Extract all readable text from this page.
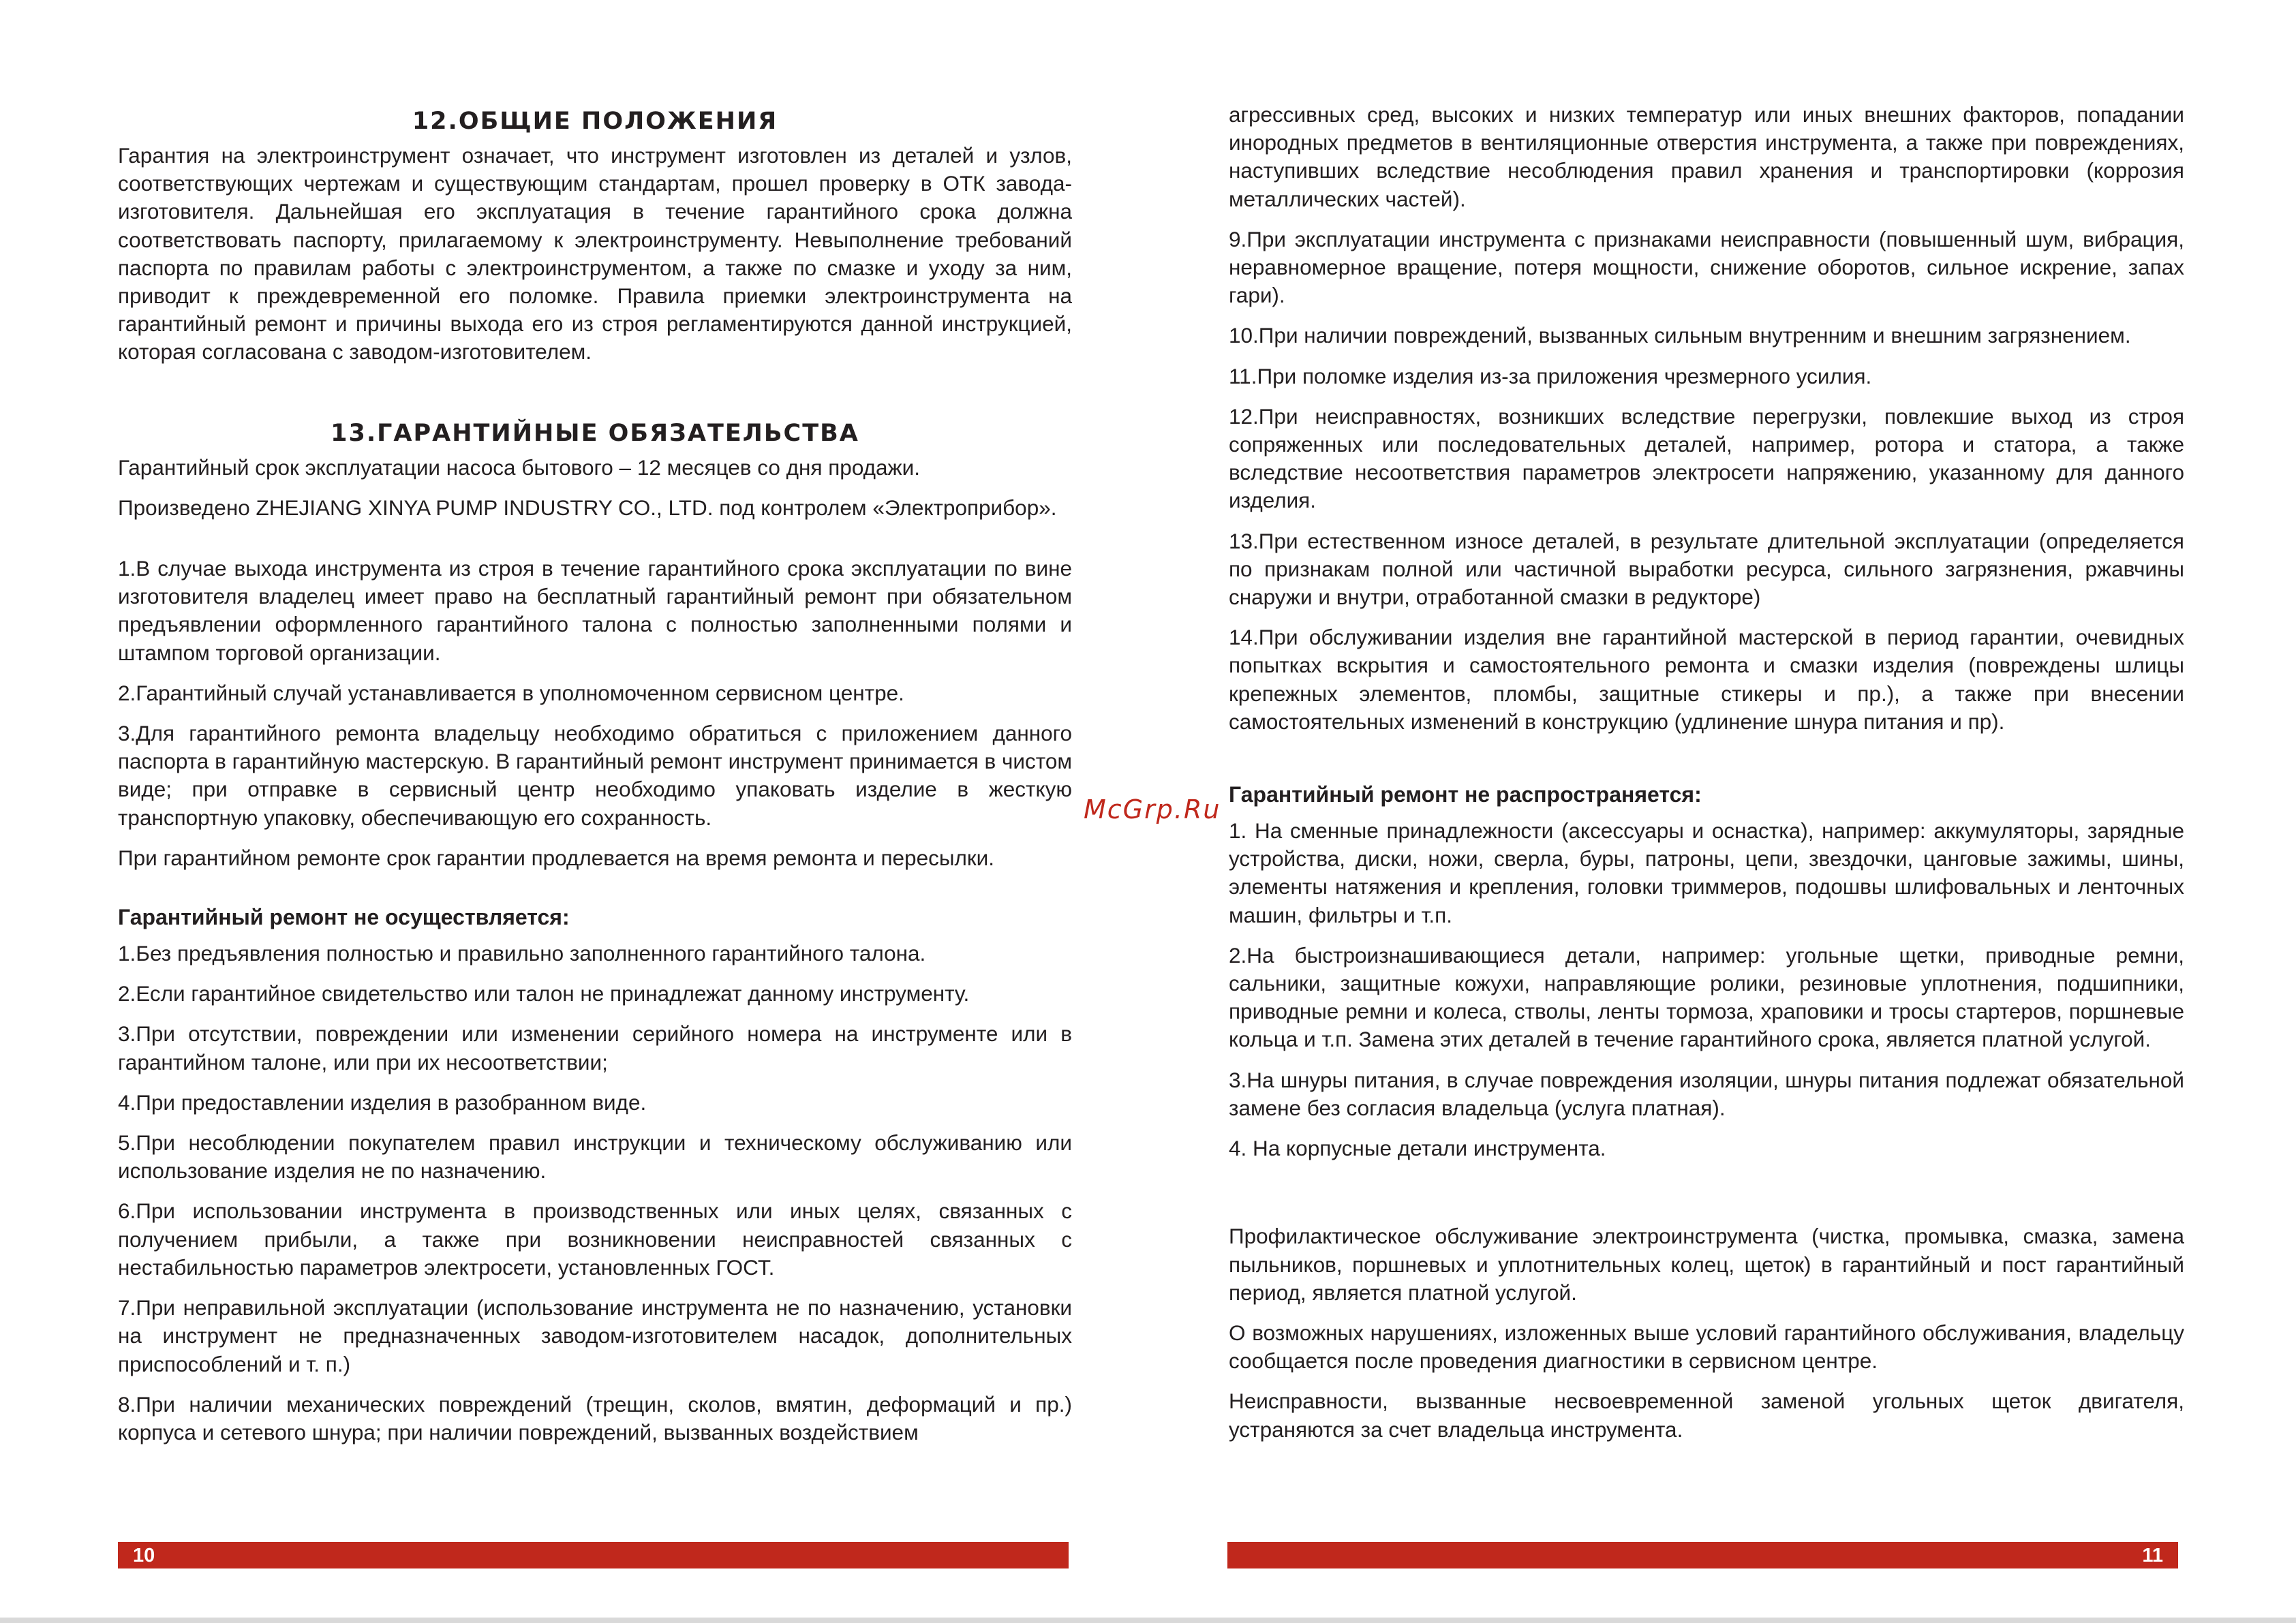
12.ОБЩИЕ ПОЛОЖЕНИЯ

Гарантия на электроинструмент означает, что инструмент изготовлен из деталей и узлов, соответствующих чертежам и существующим стандартам, прошел проверку в ОТК завода-изготовителя. Дальнейшая его эксплуатация в течение гарантийного срока должна соответствовать паспорту, прилагаемому к электроинструменту. Невыполнение требований паспорта по правилам работы с электроинструментом, а также по смазке и уходу за ним, приводит к преждевременной его поломке. Правила приемки электроинструмента на гарантийный ремонт и причины выхода его из строя регламентируются данной инструкцией, которая согласована с заводом-изготовителем.

13.ГАРАНТИЙНЫЕ ОБЯЗАТЕЛЬСТВА

Гарантийный срок эксплуатации насоса бытового – 12 месяцев со дня продажи.

Произведено ZHEJIANG XINYA PUMP INDUSTRY CO., LTD. под контролем «Электроприбор».

1.В случае выхода инструмента из строя в течение гарантийного срока эксплуатации по вине изготовителя владелец имеет право на бесплатный гарантийный ремонт при обязательном предъявлении оформленного гарантийного талона с полностью заполненными полями и штампом торговой организации.

2.Гарантийный случай устанавливается в уполномоченном сервисном центре.

3.Для гарантийного ремонта владельцу необходимо обратиться с приложением данного паспорта в гарантийную мастерскую. В гарантийный ремонт инструмент принимается в чистом виде; при отправке в сервисный центр необходимо упаковать изделие в жесткую транспортную упаковку, обеспечивающую его сохранность.

При гарантийном ремонте срок гарантии продлевается на время ремонта и пересылки.

Гарантийный ремонт не осуществляется:

1.Без предъявления полностью и правильно заполненного гарантийного талона.

2.Если гарантийное свидетельство или талон не принадлежат данному инструменту.

3.При отсутствии, повреждении или изменении серийного номера на инструменте или в гарантийном талоне, или при их несоответствии;

4.При предоставлении изделия в разобранном виде.

5.При несоблюдении покупателем правил инструкции и техническому обслуживанию или использование изделия не по назначению.

6.При использовании инструмента в производственных или иных целях, связанных с получением прибыли, а также при возникновении неисправностей связанных с нестабильностью параметров электросети, установленных ГОСТ.

7.При неправильной эксплуатации (использование инструмента не по назначению, установки на инструмент не предназначенных заводом-изготовителем насадок, дополнительных приспособлений и т. п.)

8.При наличии механических повреждений (трещин, сколов, вмятин, деформаций и пр.) корпуса и сетевого шнура; при наличии повреждений, вызванных воздействием

агрессивных сред, высоких и низких температур или иных внешних факторов, попадании инородных предметов в вентиляционные отверстия инструмента, а также при повреждениях, наступивших вследствие несоблюдения правил хранения и транспортировки (коррозия металлических частей).

9.При эксплуатации инструмента с признаками неисправности (повышенный шум, вибрация, неравномерное вращение, потеря мощности, снижение оборотов, сильное искрение, запах гари).

10.При наличии повреждений, вызванных сильным внутренним и внешним загрязнением.

11.При поломке изделия из-за приложения чрезмерного усилия.

12.При неисправностях, возникших вследствие перегрузки, повлекшие выход из строя сопряженных или последовательных деталей, например, ротора и статора, а также вследствие несоответствия параметров электросети напряжению, указанному для данного изделия.

13.При естественном износе деталей, в результате длительной эксплуатации (определяется по признакам полной или частичной выработки ресурса, сильного загрязнения, ржавчины снаружи и внутри, отработанной смазки в редукторе)

14.При обслуживании изделия вне гарантийной мастерской в период гарантии, очевидных попытках вскрытия и самостоятельного ремонта и смазки изделия (повреждены шлицы крепежных элементов, пломбы, защитные стикеры и пр.), а также при внесении самостоятельных изменений в конструкцию (удлинение шнура питания и пр).

Гарантийный ремонт не распространяется:

1. На сменные принадлежности (аксессуары и оснастка), например: аккумуляторы, зарядные устройства, диски, ножи, сверла, буры, патроны, цепи, звездочки, цанговые зажимы, шины, элементы натяжения и крепления, головки триммеров, подошвы шлифовальных и ленточных машин, фильтры и т.п.

2.На быстроизнашивающиеся детали, например: угольные щетки, приводные ремни, сальники, защитные кожухи, направляющие ролики, резиновые уплотнения, подшипники, приводные ремни и колеса, стволы, ленты тормоза, храповики и тросы стартеров, поршневые кольца и т.п. Замена этих деталей в течение гарантийного срока, является платной услугой.

3.На шнуры питания, в случае повреждения изоляции, шнуры питания подлежат обязательной замене без согласия владельца (услуга платная).

4. На корпусные детали инструмента.

Профилактическое обслуживание электроинструмента (чистка, промывка, смазка, замена пыльников, поршневых и уплотнительных колец, щеток) в гарантийный и пост гарантийный период, является платной услугой.

О возможных нарушениях, изложенных выше условий гарантийного обслуживания, владельцу сообщается после проведения диагностики в сервисном центре.

Неисправности, вызванные несвоевременной заменой угольных щеток двигателя, устраняются за счет владельца инструмента.

McGrp.Ru
10	11
